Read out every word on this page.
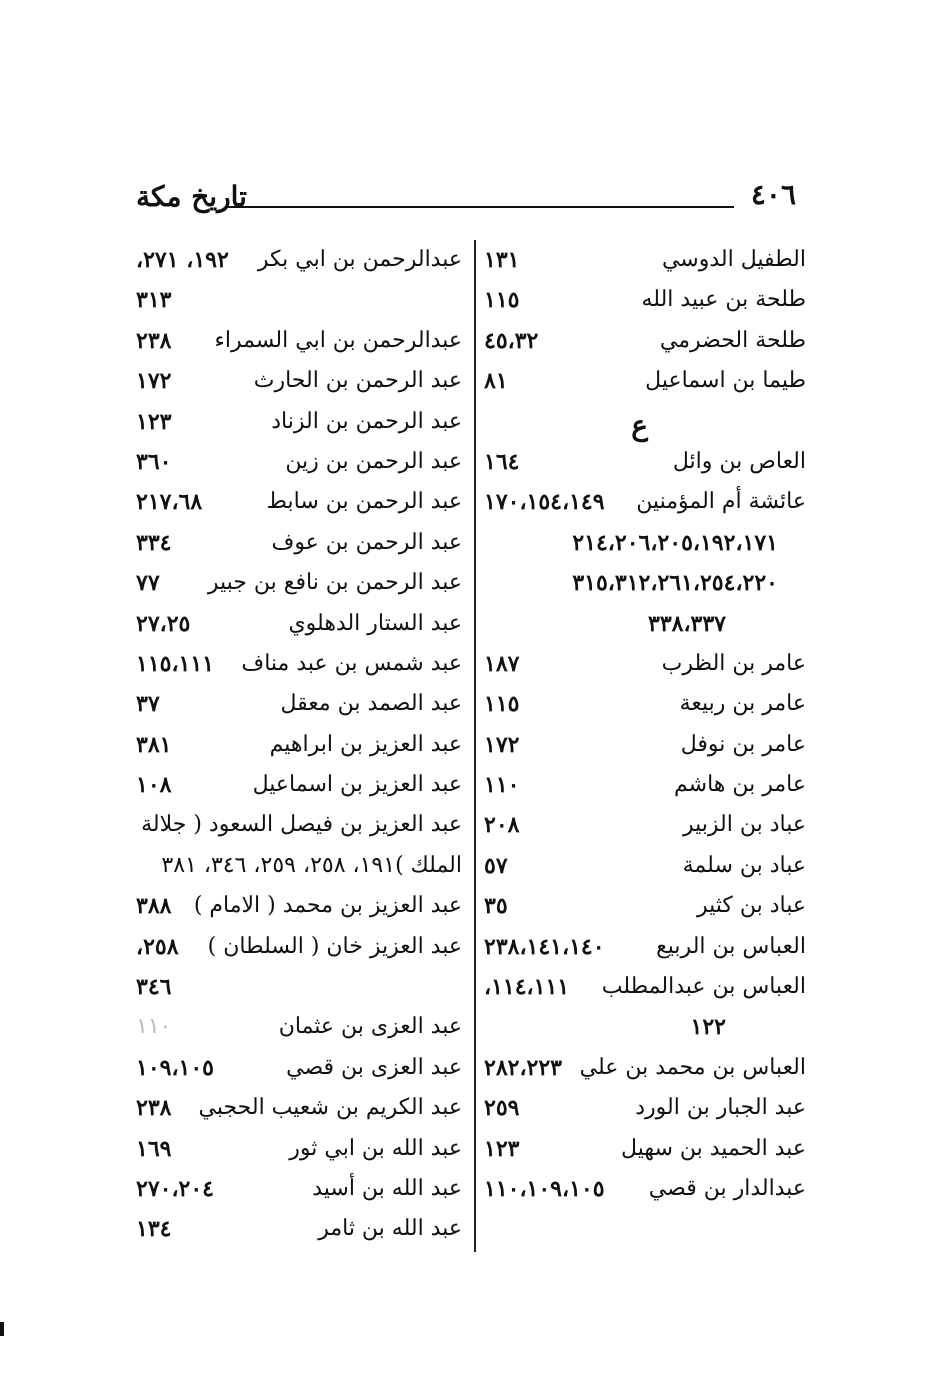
تاريخ مكة	٤٠٦
الطفيل الدوسي
١٣١
طلحة بن عبيد الله
١١٥
طلحة الحضرمي
٤٥،٣٢
طيما بن اسماعيل
٨١
ع
العاص بن وائل
١٦٤
عائشة أم المؤمنين
١٧٠،١٥٤،١٤٩
٢١٤،٢٠٦،٢٠٥،١٩٢،١٧١
٣١٥،٣١٢،٢٦١،٢٥٤،٢٢٠
٣٣٨،٣٣٧
عامر بن الظرب
١٨٧
عامر بن ربيعة
١١٥
عامر بن نوفل
١٧٢
عامر بن هاشم
١١٠
عباد بن الزبير
٢٠٨
عباد بن سلمة
٥٧
عباد بن كثير
٣٥
العباس بن الربيع
٢٣٨،١٤١،١٤٠
العباس بن عبدالمطلب
١١٤،١١١،
١٢٢
العباس بن محمد بن علي
٢٨٢،٢٢٣
عبد الجبار بن الورد
٢٥٩
عبد الحميد بن سهيل
١٢٣
عبدالدار بن قصي
١١٠،١٠٩،١٠٥
عبدالرحمن بن ابي بكر
١٩٢، ٢٧١،
٣١٣
عبدالرحمن بن ابي السمراء
٢٣٨
عبد الرحمن بن الحارث
١٧٢
عبد الرحمن بن الزناد
١٢٣
عبد الرحمن بن زين
٣٦٠
عبد الرحمن بن سابط
٢١٧،٦٨
عبد الرحمن بن عوف
٣٣٤
عبد الرحمن بن نافع بن جبير
٧٧
عبد الستار الدهلوي
٢٧،٢٥
عبد شمس بن عبد مناف
١١٥،١١١
عبد الصمد بن معقل
٣٧
عبد العزيز بن ابراهيم
٣٨١
عبد العزيز بن اسماعيل
١٠٨
عبد العزيز بن فيصل السعود ( جلالة
الملك )١٩١، ٢٥٨، ٢٥٩، ٣٤٦، ٣٨١
عبد العزيز بن محمد ( الامام )
٣٨٨
عبد العزيز خان ( السلطان )
٢٥٨،
٣٤٦
عبد العزى بن عثمان
١١٠
عبد العزى بن قصي
١٠٩،١٠٥
عبد الكريم بن شعيب الحجبي
٢٣٨
عبد الله بن ابي ثور
١٦٩
عبد الله بن أسيد
٢٧٠،٢٠٤
عبد الله بن ثامر
١٣٤
